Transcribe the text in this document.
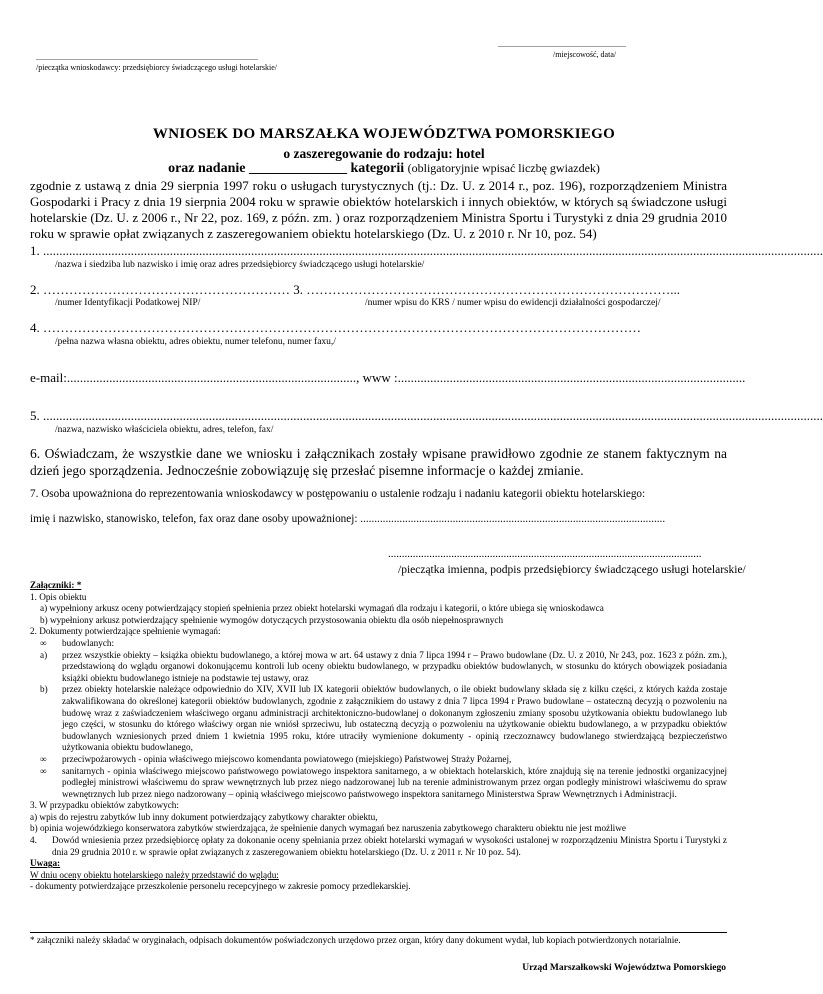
................................................................
/miejscowość, data/
...............................................................................................................
/pieczątka wnioskodawcy: przedsiębiorcy świadczącego usługi hotelarskie/
WNIOSEK DO MARSZAŁKA WOJEWÓDZTWA POMORSKIEGO
o zaszeregowanie do rodzaju: hotel
oraz nadanie ______________ kategorii (obligatoryjnie wpisać liczbę gwiazdek)
zgodnie z ustawą z dnia 29 sierpnia 1997 roku o usługach turystycznych (tj.: Dz. U. z 2014 r., poz. 196), rozporządzeniem Ministra Gospodarki i Pracy z dnia 19 sierpnia 2004 roku w sprawie obiektów hotelarskich i innych obiektów, w których są świadczone usługi hotelarskie (Dz. U. z 2006 r., Nr 22, poz. 169, z późn. zm. ) oraz rozporządzeniem Ministra Sportu i Turystyki z dnia 29 grudnia 2010 roku w sprawie opłat związanych z zaszeregowaniem obiektu hotelarskiego (Dz. U. z 2010 r. Nr 10, poz. 54)
1. ................................................................................................................................................................................................................................................
/nazwa i siedziba lub nazwisko i imię oraz adres przedsiębiorcy świadczącego usługi hotelarskie/
2. ………………………………………………… 3. …………………………………………………………………………...
/numer Identyfikacji Podatkowej NIP/	/numer wpisu do KRS / numer wpisu do ewidencji działalności gospodarczej/
4. …………………………………………………………………………………………………………………………
/pełna nazwa własna obiektu, adres obiektu, numer telefonu, numer faxu,/
e-mail:........................................................................................., www :...........................................................................................................
5. ................................................................................................................................................................................................................................................
/nazwa, nazwisko właściciela obiektu, adres, telefon, fax/
6. Oświadczam, że wszystkie dane we wniosku i załącznikach zostały wpisane prawidłowo zgodnie ze stanem faktycznym na dzień jego sporządzenia. Jednocześnie zobowiązuję się przesłać pisemne informacje o każdej zmianie.
7. Osoba upoważniona do reprezentowania wnioskodawcy w postępowaniu o ustalenie rodzaju i nadaniu kategorii obiektu hotelarskiego:
imię i nazwisko, stanowisko, telefon, fax oraz dane osoby upoważnionej: .............................................................................................................
..................................................................................................................
/pieczątka imienna, podpis przedsiębiorcy świadczącego usługi hotelarskie/
Załączniki: *
1. Opis obiektu
a) wypełniony arkusz oceny potwierdzający stopień spełnienia przez obiekt hotelarski wymagań dla rodzaju i kategorii, o które ubiega się wnioskodawca
b) wypełniony arkusz potwierdzający spełnienie wymogów dotyczących przystosowania obiektu dla osób niepełnosprawnych
2. Dokumenty potwierdzające spełnienie wymagań:
∞	budowlanych:
a)	przez wszystkie obiekty – książka obiektu budowlanego, a której mowa w art. 64 ustawy z dnia 7 lipca 1994 r – Prawo budowlane (Dz. U. z 2010, Nr 243, poz. 1623 z późn. zm.), przedstawioną do wglądu organowi dokonującemu kontroli lub oceny obiektu budowlanego, w przypadku obiektów budowlanych, w stosunku do których obowiązek posiadania książki obiektu budowlanego istnieje na podstawie tej ustawy, oraz
b)	przez obiekty hotelarskie należące odpowiednio do XIV, XVII lub IX kategorii obiektów budowlanych, o ile obiekt budowlany składa się z kilku części, z których każda zostaje zakwalifikowana do określonej kategorii obiektów budowlanych, zgodnie z załącznikiem do ustawy z dnia 7 lipca 1994 r Prawo budowlane – ostateczną decyzją o pozwoleniu na budowę wraz z zaświadczeniem właściwego organu administracji architektoniczno-budowlanej o dokonanym zgłoszeniu zmiany sposobu użytkowania obiektu budowlanego lub jego części, w stosunku do którego właściwy organ nie wniósł sprzeciwu, lub ostateczną decyzją o pozwoleniu na użytkowanie obiektu budowlanego, a w przypadku obiektów budowlanych wzniesionych przed dniem 1 kwietnia 1995 roku, które utraciły wymienione dokumenty - opinią rzeczoznawcy budowlanego stwierdzającą bezpieczeństwo użytkowania obiektu budowlanego,
∞	przeciwpożarowych - opinia właściwego miejscowo komendanta powiatowego (miejskiego) Państwowej Straży Pożarnej,
∞	sanitarnych - opinia właściwego miejscowo państwowego powiatowego inspektora sanitarnego, a w obiektach hotelarskich, które znajdują się na terenie jednostki organizacyjnej podległej ministrowi właściwemu do spraw wewnętrznych lub przez niego nadzorowanej lub na terenie administrowanym przez organ podległy ministrowi właściwemu do spraw wewnętrznych lub przez niego nadzorowany – opinią właściwego miejscowo państwowego inspektora sanitarnego Ministerstwa Spraw Wewnętrznych i Administracji.
3. W przypadku obiektów zabytkowych:
a) wpis do rejestru zabytków lub inny dokument potwierdzający zabytkowy charakter obiektu,
b) opinia wojewódzkiego konserwatora zabytków stwierdzająca, że spełnienie danych wymagań bez naruszenia zabytkowego charakteru obiektu nie jest możliwe
4.	Dowód wniesienia przez przedsiębiorcę opłaty za dokonanie oceny spełniania przez obiekt hotelarski wymagań w wysokości ustalonej w rozporządzeniu Ministra Sportu i Turystyki z dnia 29 grudnia 2010 r. w sprawie opłat związanych z zaszeregowaniem obiektu hotelarskiego (Dz. U. z 2011 r. Nr 10 poz. 54).
Uwaga:
W dniu oceny obiektu hotelarskiego należy przedstawić do wglądu:
- dokumenty potwierdzające przeszkolenie personelu recepcyjnego w zakresie pomocy przedlekarskiej.
* załączniki należy składać w oryginałach, odpisach dokumentów poświadczonych urzędowo przez organ, który dany dokument wydał, lub kopiach potwierdzonych notarialnie.
Urząd Marszałkowski Województwa Pomorskiego
